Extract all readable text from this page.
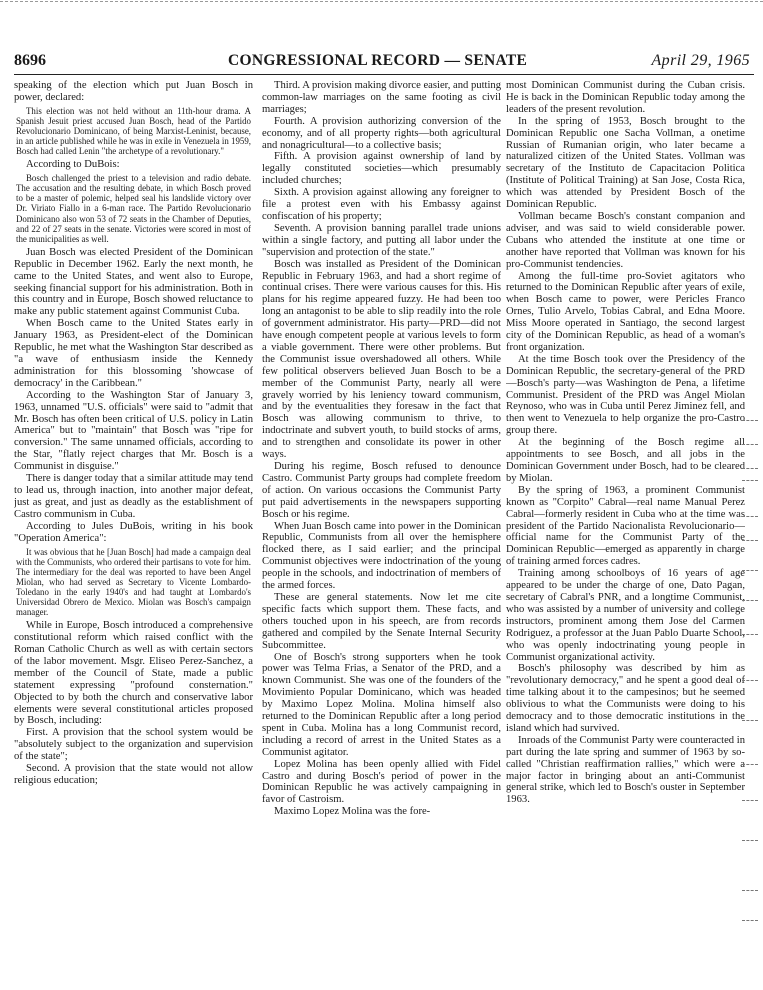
8696	CONGRESSIONAL RECORD — SENATE	April 29, 1965

speaking of the election which put Juan Bosch in power, declared:

This election was not held without an 11th-hour drama. A Spanish Jesuit priest accused Juan Bosch, head of the Partido Revolucionario Dominicano, of being Marxist-Leninist, because, in an article published while he was in exile in Venezuela in 1959, Bosch had called Lenin "the archetype of a revolutionary."

According to DuBois:

Bosch challenged the priest to a television and radio debate. The accusation and the resulting debate, in which Bosch proved to be a master of polemic, helped seal his landslide victory over Dr. Viriato Fiallo in a 6-man race. The Partido Revolucionario Dominicano also won 53 of 72 seats in the Chamber of Deputies, and 22 of 27 seats in the senate. Victories were scored in most of the municipalities as well.

Juan Bosch was elected President of the Dominican Republic in December 1962. Early the next month, he came to the United States, and went also to Europe, seeking financial support for his administration. Both in this country and in Europe, Bosch showed reluctance to make any public statement against Communist Cuba.

When Bosch came to the United States early in January 1963, as President-elect of the Dominican Republic, he met what the Washington Star described as "a wave of enthusiasm inside the Kennedy administration for this blossoming 'showcase of democracy' in the Caribbean."

According to the Washington Star of January 3, 1963, unnamed "U.S. officials" were said to "admit that Mr. Bosch has often been critical of U.S. policy in Latin America" but to "maintain" that Bosch was "ripe for conversion." The same unnamed officials, according to the Star, "flatly reject charges that Mr. Bosch is a Communist in disguise."

There is danger today that a similar attitude may tend to lead us, through inaction, into another major defeat, just as great, and just as deadly as the establishment of Castro communism in Cuba.

According to Jules DuBois, writing in his book "Operation America":

It was obvious that he [Juan Bosch] had made a campaign deal with the Communists, who ordered their partisans to vote for him. The intermediary for the deal was reported to have been Angel Miolan, who had served as Secretary to Vicente Lombardo-Toledano in the early 1940's and had taught at Lombardo's Universidad Obrero de Mexico. Miolan was Bosch's campaign manager.

While in Europe, Bosch introduced a comprehensive constitutional reform which raised conflict with the Roman Catholic Church as well as with certain sectors of the labor movement. Msgr. Eliseo Perez-Sanchez, a member of the Council of State, made a public statement expressing "profound consternation." Objected to by both the church and conservative labor elements were several constitutional articles proposed by Bosch, including:

First. A provision that the school system would be "absolutely subject to the organization and supervision of the state";

Second. A provision that the state would not allow religious education;

Third. A provision making divorce easier, and putting common-law marriages on the same footing as civil marriages;

Fourth. A provision authorizing conversion of the economy, and of all property rights—both agricultural and nonagricultural—to a collective basis;

Fifth. A provision against ownership of land by legally constituted societies—which presumably included churches;

Sixth. A provision against allowing any foreigner to file a protest even with his Embassy against confiscation of his property;

Seventh. A provision banning parallel trade unions within a single factory, and putting all labor under the "supervision and protection of the state."

Bosch was installed as President of the Dominican Republic in February 1963, and had a short regime of continual crises. There were various causes for this. His plans for his regime appeared fuzzy. He had been too long an antagonist to be able to slip readily into the role of government administrator. His party—PRD—did not have enough competent people at various levels to form a viable government. There were other problems. But the Communist issue overshadowed all others. While few political observers believed Juan Bosch to be a member of the Communist Party, nearly all were gravely worried by his leniency toward communism, and by the eventualities they foresaw in the fact that Bosch was allowing communism to thrive, to indoctrinate and subvert youth, to build stocks of arms, and to strengthen and consolidate its power in other ways.

During his regime, Bosch refused to denounce Castro. Communist Party groups had complete freedom of action. On various occasions the Communist Party put paid advertisements in the newspapers supporting Bosch or his regime.

When Juan Bosch came into power in the Dominican Republic, Communists from all over the hemisphere flocked there, as I said earlier; and the principal Communist objectives were indoctrination of the young people in the schools, and indoctrination of members of the armed forces.

These are general statements. Now let me cite specific facts which support them. These facts, and others touched upon in his speech, are from records gathered and compiled by the Senate Internal Security Subcommittee.

One of Bosch's strong supporters when he took power was Telma Frias, a Senator of the PRD, and a known Communist. She was one of the founders of the Movimiento Popular Dominicano, which was headed by Maximo Lopez Molina. Molina himself also returned to the Dominican Republic after a long period spent in Cuba. Molina has a long Communist record, including a record of arrest in the United States as a Communist agitator.

Lopez Molina has been openly allied with Fidel Castro and during Bosch's period of power in the Dominican Republic he was actively campaigning in favor of Castroism.

Maximo Lopez Molina was the fore-

most Dominican Communist during the Cuban crisis. He is back in the Dominican Republic today among the leaders of the present revolution.

In the spring of 1953, Bosch brought to the Dominican Republic one Sacha Vollman, a onetime Russian of Rumanian origin, who later became a naturalized citizen of the United States. Vollman was secretary of the Instituto de Capacitacion Politica (Institute of Political Training) at San Jose, Costa Rica, which was attended by President Bosch of the Dominican Republic.

Vollman became Bosch's constant companion and adviser, and was said to wield considerable power. Cubans who attended the institute at one time or another have reported that Vollman was known for his pro-Communist tendencies.

Among the full-time pro-Soviet agitators who returned to the Dominican Republic after years of exile, when Bosch came to power, were Pericles Franco Ornes, Tulio Arvelo, Tobias Cabral, and Edna Moore. Miss Moore operated in Santiago, the second largest city of the Dominican Republic, as head of a woman's front organization.

At the time Bosch took over the Presidency of the Dominican Republic, the secretary-general of the PRD—Bosch's party—was Washington de Pena, a lifetime Communist. President of the PRD was Angel Miolan Reynoso, who was in Cuba until Perez Jiminez fell, and then went to Venezuela to help organize the pro-Castro group there.

At the beginning of the Bosch regime all appointments to see Bosch, and all jobs in the Dominican Government under Bosch, had to be cleared by Miolan.

By the spring of 1963, a prominent Communist known as "Corpito" Cabral—real name Manual Perez Cabral—formerly resident in Cuba who at the time was president of the Partido Nacionalista Revolucionario—official name for the Communist Party of the Dominican Republic—emerged as apparently in charge of training armed forces cadres.

Training among schoolboys of 16 years of age appeared to be under the charge of one, Dato Pagan, secretary of Cabral's PNR, and a longtime Communist, who was assisted by a number of university and college instructors, prominent among them Jose del Carmen Rodriguez, a professor at the Juan Pablo Duarte School, who was openly indoctrinating young people in Communist organizational activity.

Bosch's philosophy was described by him as "revolutionary democracy," and he spent a good deal of time talking about it to the campesinos; but he seemed oblivious to what the Communists were doing to his democracy and to those democratic institutions in the island which had survived.

Inroads of the Communist Party were counteracted in part during the late spring and summer of 1963 by so-called "Christian reaffirmation rallies," which were a major factor in bringing about an anti-Communist general strike, which led to Bosch's ouster in September 1963.
